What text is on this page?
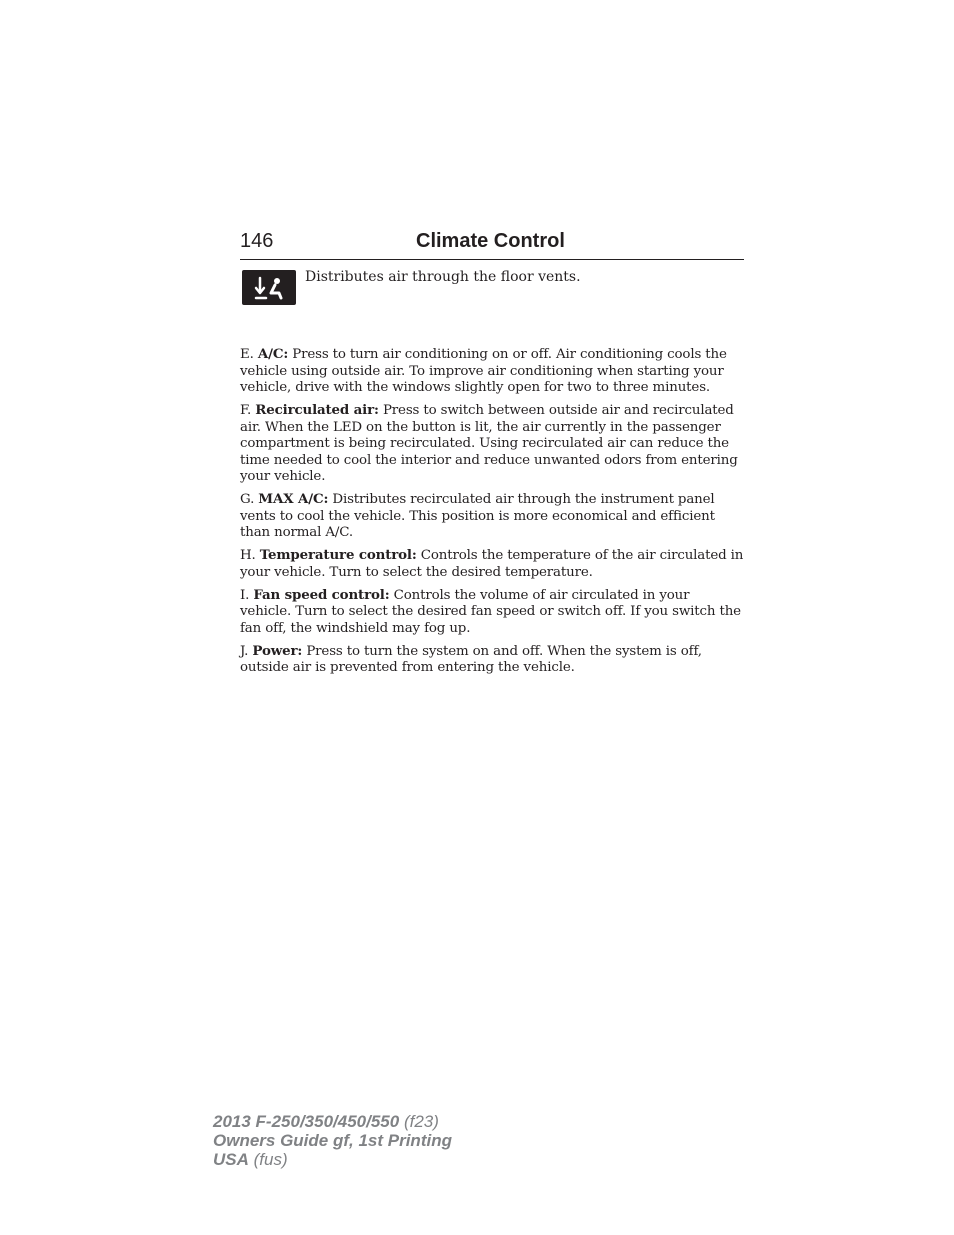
146	Climate Control
Distributes air through the floor vents.

E. A/C: Press to turn air conditioning on or off. Air conditioning cools the vehicle using outside air. To improve air conditioning when starting your vehicle, drive with the windows slightly open for two to three minutes.

F. Recirculated air: Press to switch between outside air and recirculated air. When the LED on the button is lit, the air currently in the passenger compartment is being recirculated. Using recirculated air can reduce the time needed to cool the interior and reduce unwanted odors from entering your vehicle.

G. MAX A/C: Distributes recirculated air through the instrument panel vents to cool the vehicle. This position is more economical and efficient than normal A/C.

H. Temperature control: Controls the temperature of the air circulated in your vehicle. Turn to select the desired temperature.

I. Fan speed control: Controls the volume of air circulated in your vehicle. Turn to select the desired fan speed or switch off. If you switch the fan off, the windshield may fog up.

J. Power: Press to turn the system on and off. When the system is off, outside air is prevented from entering the vehicle.

2013 F-250/350/450/550 (f23)
Owners Guide gf, 1st Printing
USA (fus)
